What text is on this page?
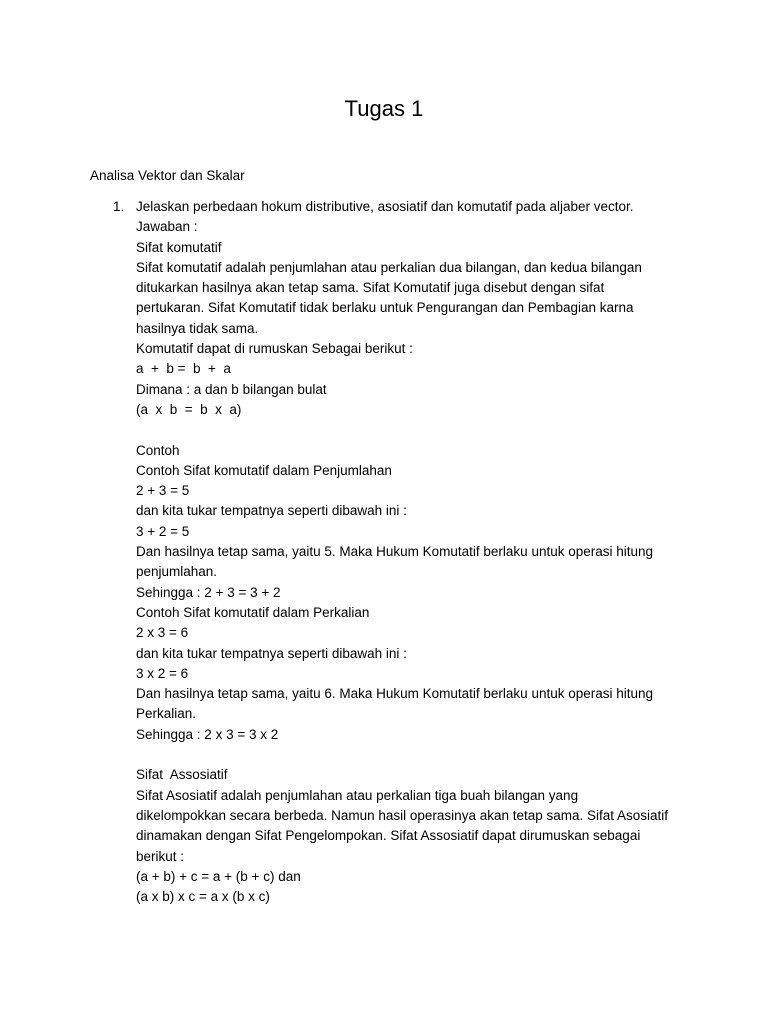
Tugas 1
Analisa Vektor dan Skalar
1. Jelaskan perbedaan hokum distributive, asosiatif dan komutatif pada aljaber vector.
Jawaban :
Sifat komutatif
Sifat komutatif adalah penjumlahan atau perkalian dua bilangan, dan kedua bilangan
ditukarkan hasilnya akan tetap sama. Sifat Komutatif juga disebut dengan sifat
pertukaran. Sifat Komutatif tidak berlaku untuk Pengurangan dan Pembagian karna
hasilnya tidak sama.
Komutatif dapat di rumuskan Sebagai berikut :
a  +  b =  b  +  a
Dimana : a dan b bilangan bulat
(a  x  b  =  b  x  a)
Contoh
Contoh Sifat komutatif dalam Penjumlahan
2 + 3 = 5
dan kita tukar tempatnya seperti dibawah ini :
3 + 2 = 5
Dan hasilnya tetap sama, yaitu 5. Maka Hukum Komutatif berlaku untuk operasi hitung
penjumlahan.
Sehingga : 2 + 3 = 3 + 2
Contoh Sifat komutatif dalam Perkalian
2 x 3 = 6
dan kita tukar tempatnya seperti dibawah ini :
3 x 2 = 6
Dan hasilnya tetap sama, yaitu 6. Maka Hukum Komutatif berlaku untuk operasi hitung
Perkalian.
Sehingga : 2 x 3 = 3 x 2
Sifat  Assosiatif
Sifat Asosiatif adalah penjumlahan atau perkalian tiga buah bilangan yang
dikelompokkan secara berbeda. Namun hasil operasinya akan tetap sama. Sifat Asosiatif
dinamakan dengan Sifat Pengelompokan. Sifat Assosiatif dapat dirumuskan sebagai
berikut :
(a + b) + c = a + (b + c) dan
(a x b) x c = a x (b x c)
